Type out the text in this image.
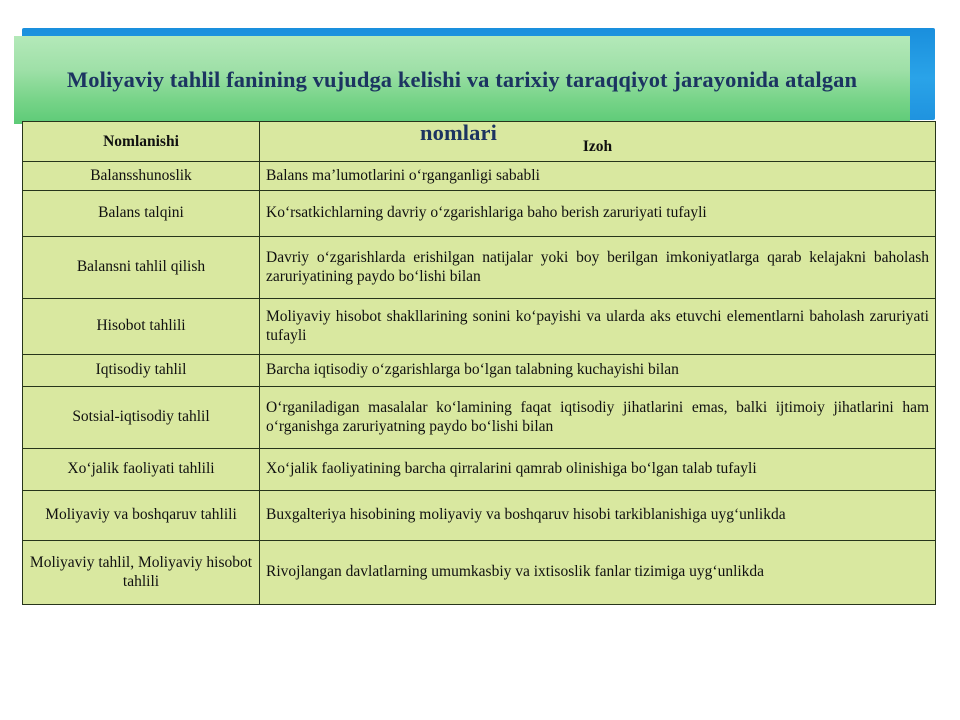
Moliyaviy tahlil fanining vujudga kelishi va tarixiy taraqqiyot jarayonida atalgan
nomlari
Nomlanishi	Izoh
Balansshunoslik	Balans ma’lumotlarini o‘rganganligi sababli
Balans talqini	Ko‘rsatkichlarning davriy o‘zgarishlariga baho berish zaruriyati tufayli
Balansni tahlil qilish	Davriy o‘zgarishlarda erishilgan natijalar yoki boy berilgan imkoniyatlarga qarab kelajakni baholash zaruriyatining paydo bo‘lishi bilan
Hisobot tahlili	Moliyaviy hisobot shakllarining sonini ko‘payishi va ularda aks etuvchi elementlarni baholash zaruriyati tufayli
Iqtisodiy tahlil	Barcha iqtisodiy o‘zgarishlarga bo‘lgan talabning kuchayishi bilan
Sotsial-iqtisodiy tahlil	O‘rganiladigan masalalar ko‘lamining faqat iqtisodiy jihatlarini emas, balki ijtimoiy jihatlarini ham o‘rganishga zaruriyatning paydo bo‘lishi bilan
Xo‘jalik faoliyati tahlili	Xo‘jalik faoliyatining barcha qirralarini qamrab olinishiga bo‘lgan talab tufayli
Moliyaviy va boshqaruv tahlili	Buxgalteriya hisobining moliyaviy va boshqaruv hisobi tarkiblanishiga uyg‘unlikda
Moliyaviy tahlil, Moliyaviy hisobot tahlili	Rivojlangan davlatlarning umumkasbiy va ixtisoslik fanlar tizimiga uyg‘unlikda
